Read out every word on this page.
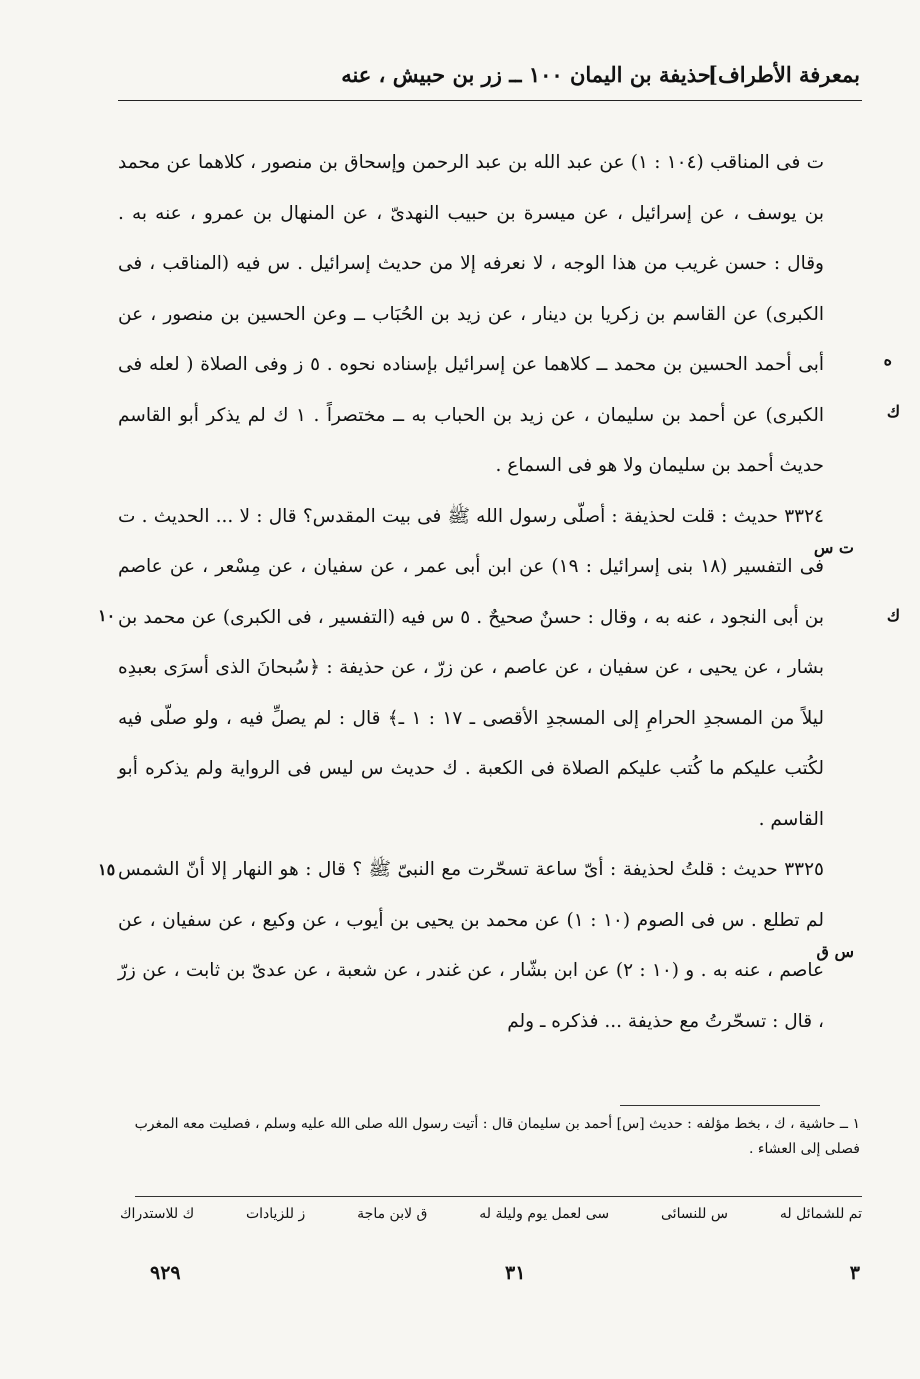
بمعرفة الأطراف]
حذيفة بن اليمان ١٠٠ ــ زر بن حبيش ، عنه

ت فى المناقب (١٠٤ : ١) عن عبد الله بن عبد الرحمن وإسحاق بن منصور ، كلاهما عن محمد بن يوسف ، عن إسرائيل ، عن ميسرة بن حبيب النهدىّ ، عن المنهال بن عمرو ، عنه به . وقال : حسن غريب من هذا الوجه ، لا نعرفه إلا من حديث إسرائيل . س فيه (المناقب ، فى الكبرى) عن القاسم بن زكريا بن دينار ، عن زيد بن الحُبَاب ــ وعن الحسين بن منصور ، عن أبى أحمد الحسين بن محمد ــ كلاهما عن إسرائيل بإسناده نحوه . ٥ ز وفى الصلاة ( لعله فى الكبرى) عن أحمد بن سليمان ، عن زيد بن الحباب به ــ مختصراً . ١ ك لم يذكر أبو القاسم حديث أحمد بن سليمان ولا هو فى السماع .

٣٣٢٤ حديث : قلت لحذيفة : أصلّى رسول الله ﷺ فى بيت المقدس؟ قال : لا ... الحديث . ت فى التفسير (١٨ بنى إسرائيل : ١٩) عن ابن أبى عمر ، عن سفيان ، عن مِسْعر ، عن عاصم بن أبى النجود ، عنه به ، وقال : حسنٌ صحيحٌ . ٥ س فيه (التفسير ، فى الكبرى) عن محمد بن بشار ، عن يحيى ، عن سفيان ، عن عاصم ، عن زرّ ، عن حذيفة : ﴿سُبحانَ الذى أسرَى بعبدِه ليلاً من المسجدِ الحرامِ إلى المسجدِ الأقصى ـ ١٧ : ١ ـ﴾ قال : لم يصلِّ فيه ، ولو صلّى فيه لكُتب عليكم ما كُتب عليكم الصلاة فى الكعبة . ك حديث س ليس فى الرواية ولم يذكره أبو القاسم .

٣٣٢٥ حديث : قلتُ لحذيفة : أىّ ساعة تسحّرت مع النبىّ ﷺ ؟ قال : هو النهار إلا أنّ الشمس لم تطلع . س فى الصوم (١٠ : ١) عن محمد بن يحيى بن أيوب ، عن وكيع ، عن سفيان ، عن عاصم ، عنه به . و (١٠ : ٢) عن ابن بشّار ، عن غندر ، عن شعبة ، عن عدىّ بن ثابت ، عن زرّ ، قال : تسحّرتُ مع حذيفة ... فذكره ـ ولم

ه
ك
ت س
ك
١٠
١٥
س ق
١ ــ حاشية ، ك ، بخط مؤلفه : حديث [س] أحمد بن سليمان قال : أتيت رسول الله صلى الله عليه وسلم ، فصليت معه المغرب فصلى إلى العشاء .
تم للشمائل له
س للنسائى
سى لعمل يوم وليلة له
ق لابن ماجة
ز للزيادات
ك للاستدراك
٣
٣١
٩٢٩
